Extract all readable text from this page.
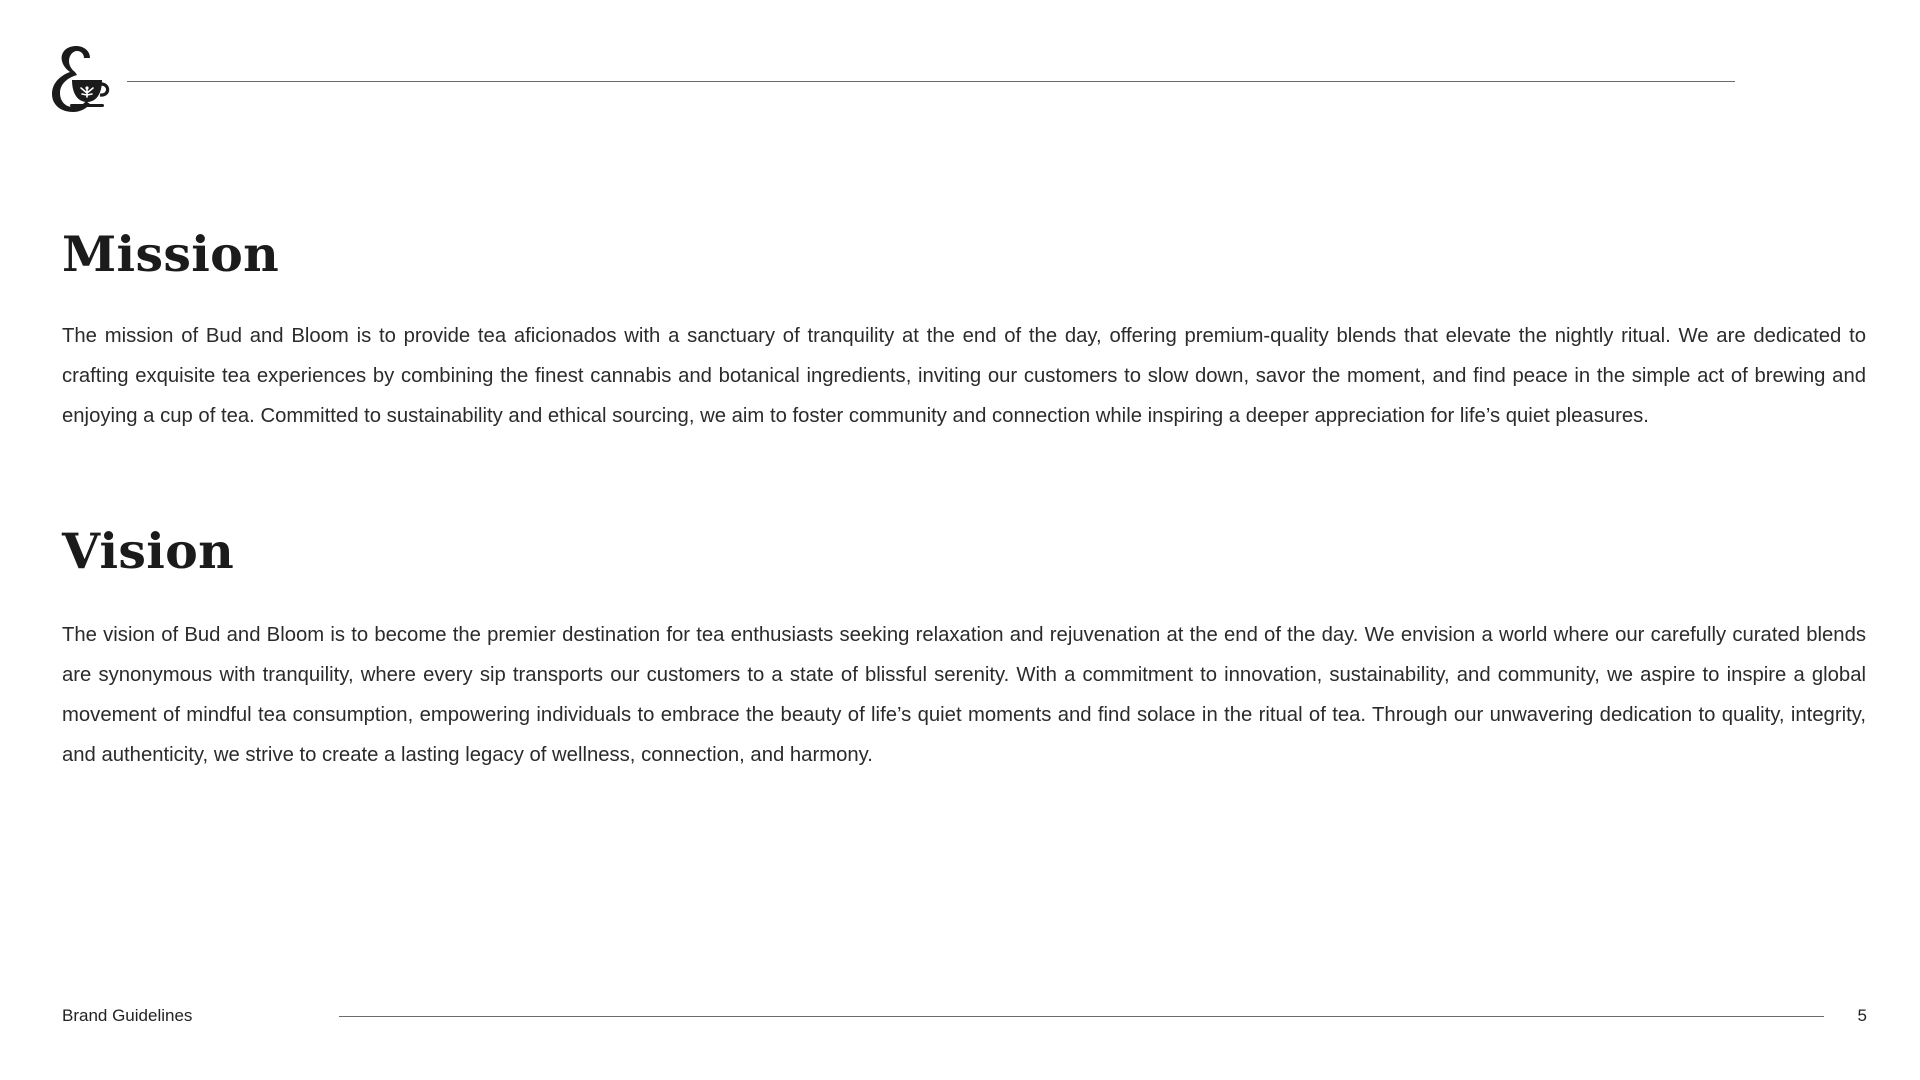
Mission

The mission of Bud and Bloom is to provide tea aficionados with a sanctuary of tranquility at the end of the day, offering premium-quality blends that elevate the nightly ritual. We are dedicated to crafting exquisite tea experiences by combining the finest cannabis and botanical ingredients, inviting our customers to slow down, savor the moment, and find peace in the simple act of brewing and enjoying a cup of tea. Committed to sustainability and ethical sourcing, we aim to foster community and connection while inspiring a deeper appreciation for life’s quiet pleasures.

Vision

The vision of Bud and Bloom is to become the premier destination for tea enthusiasts seeking relaxation and rejuvenation at the end of the day. We envision a world where our carefully curated blends are synonymous with tranquility, where every sip transports our customers to a state of blissful serenity. With a commitment to innovation, sustainability, and community, we aspire to inspire a global movement of mindful tea consumption, empowering individuals to embrace the beauty of life’s quiet moments and find solace in the ritual of tea. Through our unwavering dedication to quality, integrity, and authenticity, we strive to create a lasting legacy of wellness, connection, and harmony.

Brand Guidelines	5
